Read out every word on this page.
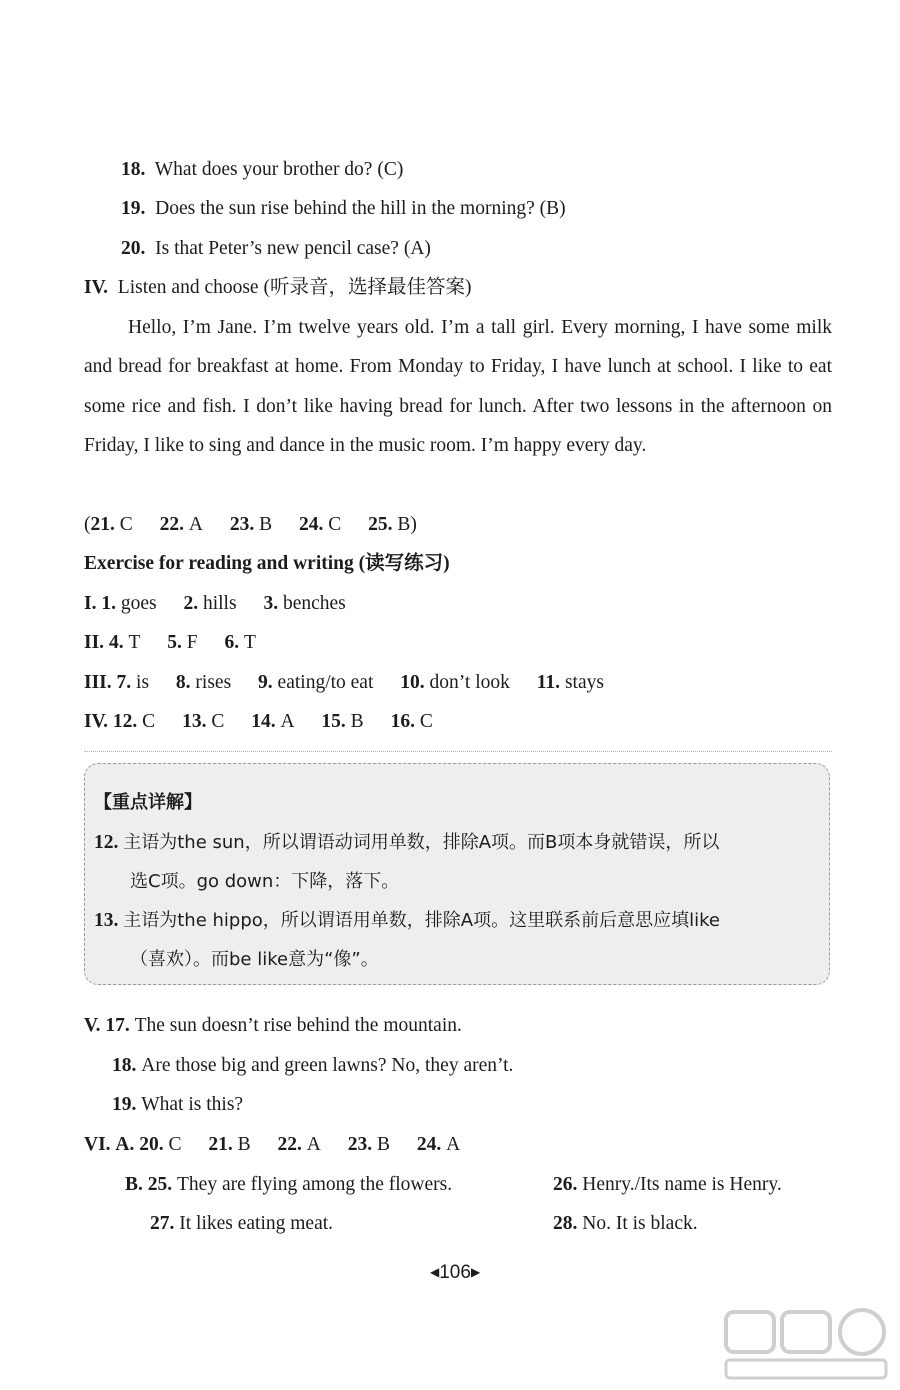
18. What does your brother do? (C)
19. Does the sun rise behind the hill in the morning? (B)
20. Is that Peter’s new pencil case? (A)
IV. Listen and choose (听录音，选择最佳答案)
Hello, I’m Jane. I’m twelve years old. I’m a tall girl. Every morning, I have some milk and bread for breakfast at home. From Monday to Friday, I have lunch at school. I like to eat some rice and fish. I don’t like having bread for lunch. After two lessons in the afternoon on Friday, I like to sing and dance in the music room. I’m happy every day.
(21. C 22. A 23. B 24. C 25. B)
Exercise for reading and writing (读写练习)
I. 1. goes 2. hills 3. benches
II. 4. T 5. F 6. T
III. 7. is 8. rises 9. eating/to eat 10. don’t look 11. stays
IV. 12. C 13. C 14. A 15. B 16. C
【重点详解】
12. 主语为the sun，所以谓语动词用单数，排除A项。而B项本身就错误，所以
选C项。go down：下降，落下。
13. 主语为the hippo，所以谓语用单数，排除A项。这里联系前后意思应填like
（喜欢）。而be like意为“像”。
V. 17. The sun doesn’t rise behind the mountain.
18. Are those big and green lawns? No, they aren’t.
19. What is this?
VI. A. 20. C 21. B 22. A 23. B 24. A
B. 25. They are flying among the flowers.	26. Henry./Its name is Henry.
27. It likes eating meat.	28. No. It is black.
◀106▶
